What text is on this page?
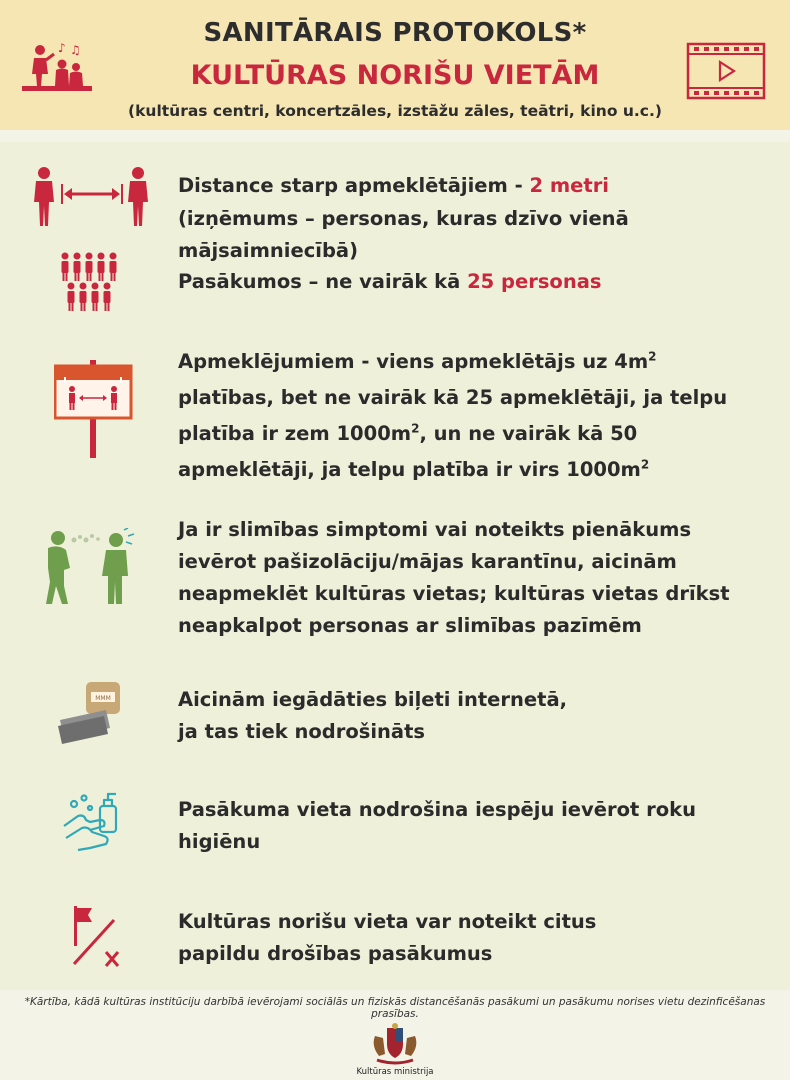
♪ ♫
SANITĀRAIS PROTOKOLS*
KULTŪRAS NORIŠU VIETĀM
(kultūras centri, koncertzāles, izstāžu zāles, teātri, kino u.c.)
Distance starp apmeklētājiem - 2 metri
(izņēmums – personas, kuras dzīvo vienā mājsaimniecībā)
Pasākumos – ne vairāk kā 25 personas
Apmeklējumiem - viens apmeklētājs uz $4m^2$
platības, bet ne vairāk kā 25 apmeklētāji, ja telpu
platība ir zem $1000m^2$, un ne vairāk kā 50
apmeklētāji, ja telpu platība ir virs $1000m^2$
Ja ir slimības simptomi vai noteikts pienākums
ievērot pašizolāciju/mājas karantīnu, aicinām
neapmeklēt kultūras vietas; kultūras vietas drīkst
neapkalpot personas ar slimības pazīmēm
MMM	Aicinām iegādāties biļeti internetā,
ja tas tiek nodrošināts
Pasākuma vieta nodrošina iespēju ievērot roku
higiēnu
Kultūras norišu vieta var noteikt citus
papildu drošības pasākumus
*Kārtība, kādā kultūras institūciju darbībā ievērojami sociālās un fiziskās distancēšanās pasākumi un pasākumu norises vietu dezinficēšanas prasības.
Kultūras ministrija
